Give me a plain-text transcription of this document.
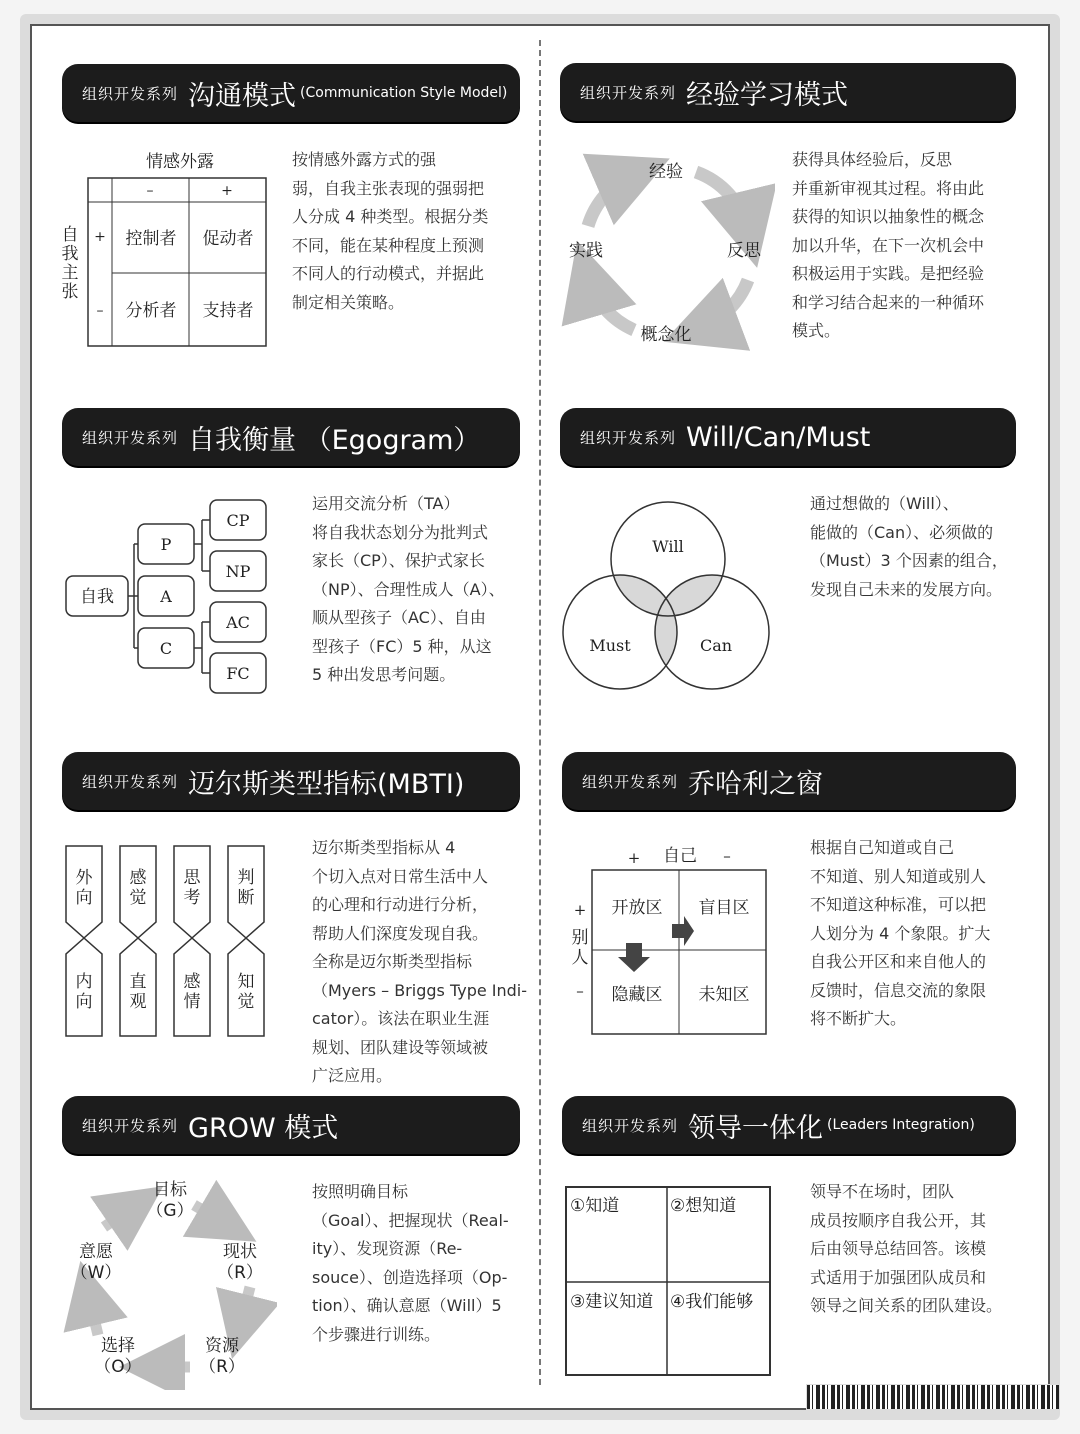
组织开发系列 沟通模式 (Communication Style Model)
情感外露
–	+
+
–
控制者 促动者
分析者 支持者
自我主张
按情感外露方式的强
弱，自我主张表现的强弱把
人分成 4 种类型。根据分类
不同，能在某种程度上预测
不同人的行动模式，并据此
制定相关策略。
组织开发系列 经验学习模式
经验
反思
概念化
实践
获得具体经验后，反思
并重新审视其过程。将由此
获得的知识以抽象性的概念
加以升华，在下一次机会中
积极运用于实践。是把经验
和学习结合起来的一种循环
模式。
组织开发系列 自我衡量 （Egogram）
自我
P
A
C
CP
NP
AC
FC
运用交流分析（TA）
将自我状态划分为批判式
家长（CP）、保护式家长
（NP）、合理性成人（A）、
顺从型孩子（AC）、自由
型孩子（FC）5 种，从这
5 种出发思考问题。
组织开发系列 Will/Can/Must
Will
Must	Can
通过想做的（Will）、
能做的（Can）、必须做的
（Must）3 个因素的组合，
发现自己未来的发展方向。
组织开发系列 迈尔斯类型指标(MBTI)
外向
内向
感觉
直观
思考
感情
判断
知觉
迈尔斯类型指标从 4
个切入点对日常生活中人
的心理和行动进行分析，
帮助人们深度发现自我。
全称是迈尔斯类型指标
（Myers – Briggs Type Indi-
cator）。该法在职业生涯
规划、团队建设等领域被
广泛应用。
组织开发系列 乔哈利之窗
+ 自己 –
+
–
开放区 盲目区
隐藏区 未知区
别人
根据自己知道或自己
不知道、别人知道或别人
不知道这种标准，可以把
人划分为 4 个象限。扩大
自我公开区和来自他人的
反馈时，信息交流的象限
将不断扩大。
组织开发系列 GROW 模式
目标
（G）
现状
（R）
资源
（R）
选择
（O）
意愿
（W）
按照明确目标
（Goal）、把握现状（Real-
ity）、发现资源（Re-
souce）、创造选择项（Op-
tion）、确认意愿（Will）5
个步骤进行训练。
组织开发系列 领导一体化 (Leaders Integration)
①知道	②想知道
③建议知道 ④我们能够
领导不在场时，团队
成员按顺序自我公开，其
后由领导总结回答。该模
式适用于加强团队成员和
领导之间关系的团队建设。
